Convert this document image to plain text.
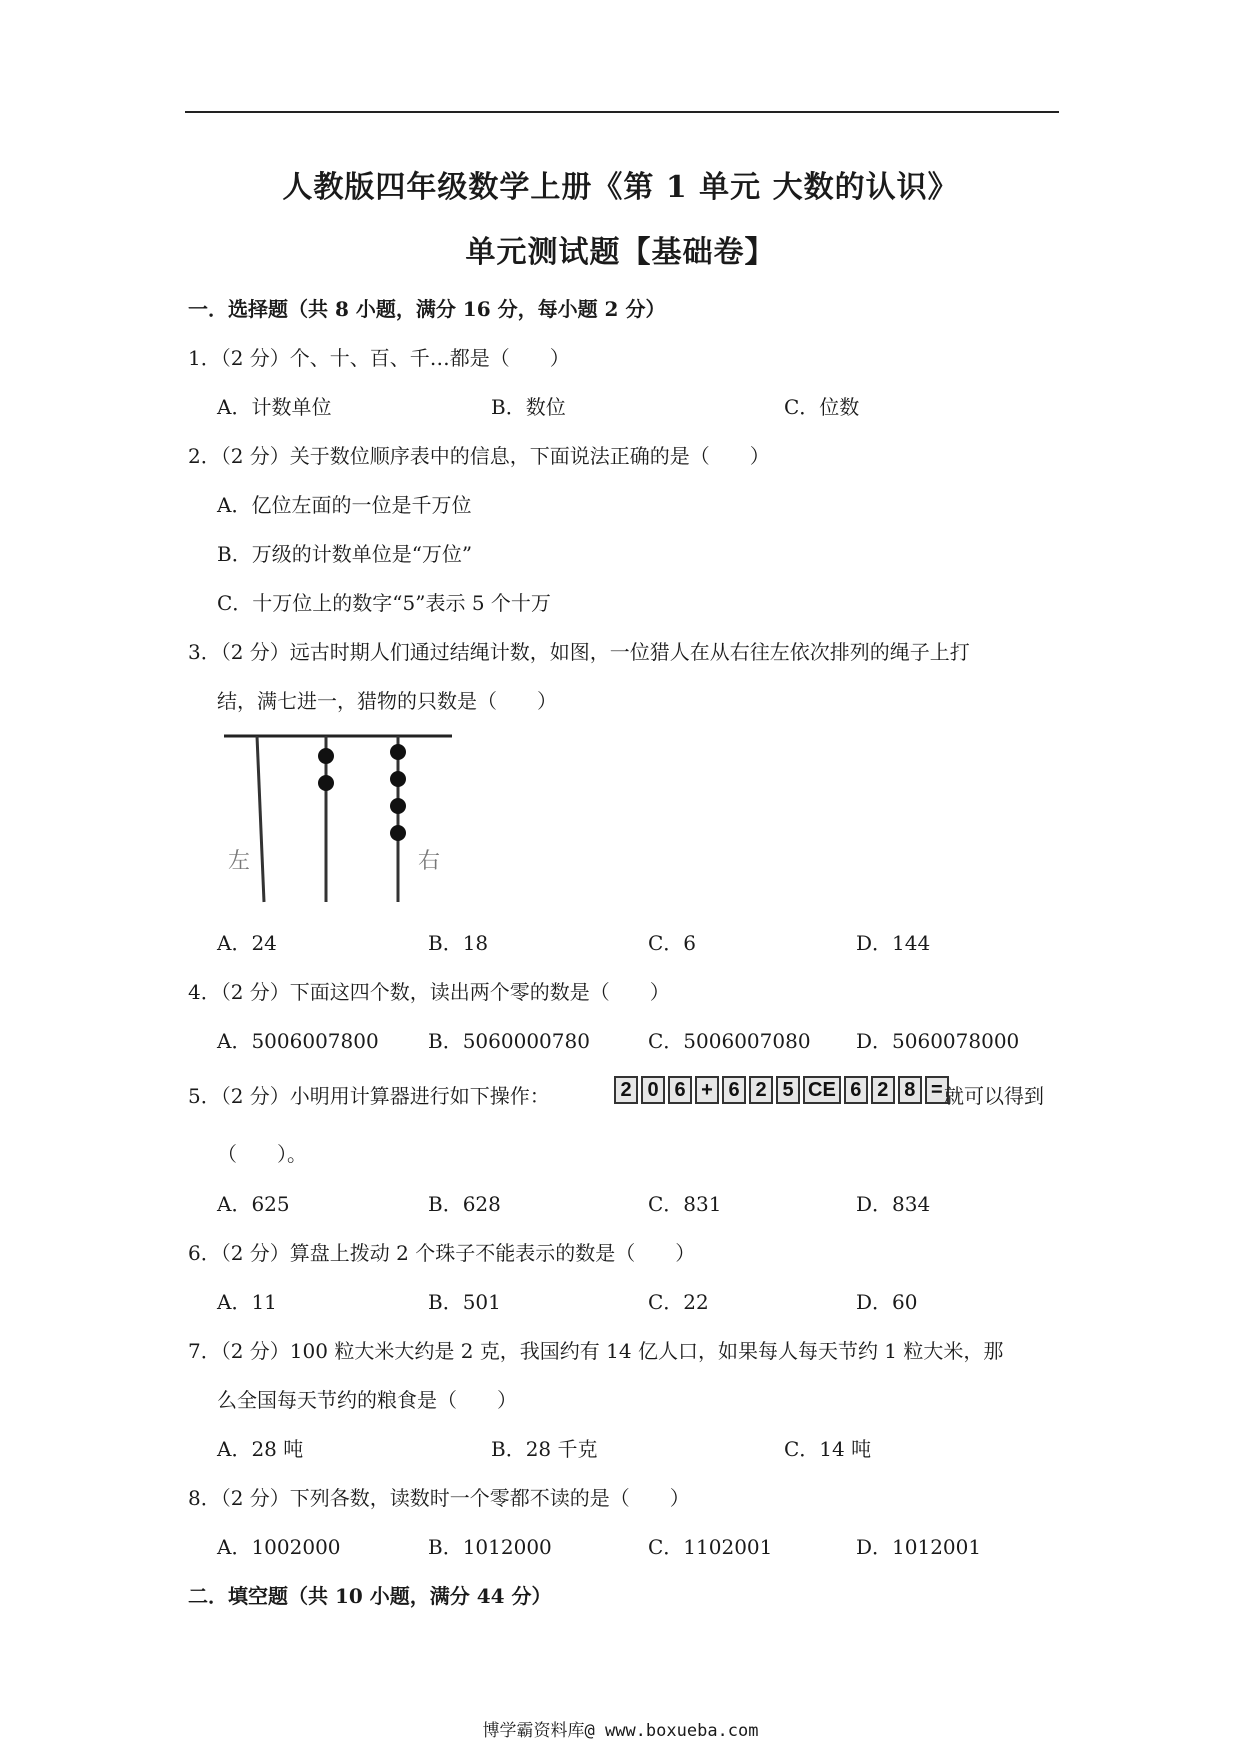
人教版四年级数学上册《第 1 单元 大数的认识》
单元测试题【基础卷】
一．选择题（共 8 小题，满分 16 分，每小题 2 分）
1．（2 分）个、十、百、千…都是（　　）
A．计数单位	B．数位	C．位数
2．（2 分）关于数位顺序表中的信息，下面说法正确的是（　　）
A．亿位左面的一位是千万位
B．万级的计数单位是“万位”
C．十万位上的数字“5”表示 5 个十万
3．（2 分）远古时期人们通过结绳计数，如图，一位猎人在从右往左依次排列的绳子上打
结，满七进一，猎物的只数是（　　）
左	右
A．24	B．18	C．6	D．144
4．（2 分）下面这四个数，读出两个零的数是（　　）
A．5006007800 B．5060000780	C．5006007080 D．5060078000
5．（2 分）小明用计算器进行如下操作：	2 0 6 + 6 2 5 CE 6 2 8 = 就可以得到
（　　）。
A．625	B．628	C．831	D．834
6．（2 分）算盘上拨动 2 个珠子不能表示的数是（　　）
A．11	B．501	C．22	D．60
7．（2 分）100 粒大米大约是 2 克，我国约有 14 亿人口，如果每人每天节约 1 粒大米，那
么全国每天节约的粮食是（　　）
A．28 吨	B．28 千克	C．14 吨
8．（2 分）下列各数，读数时一个零都不读的是（　　）
A．1002000	B．1012000	C．1102001	D．1012001
二．填空题（共 10 小题，满分 44 分）
博学霸资料库@ www.boxueba.com
